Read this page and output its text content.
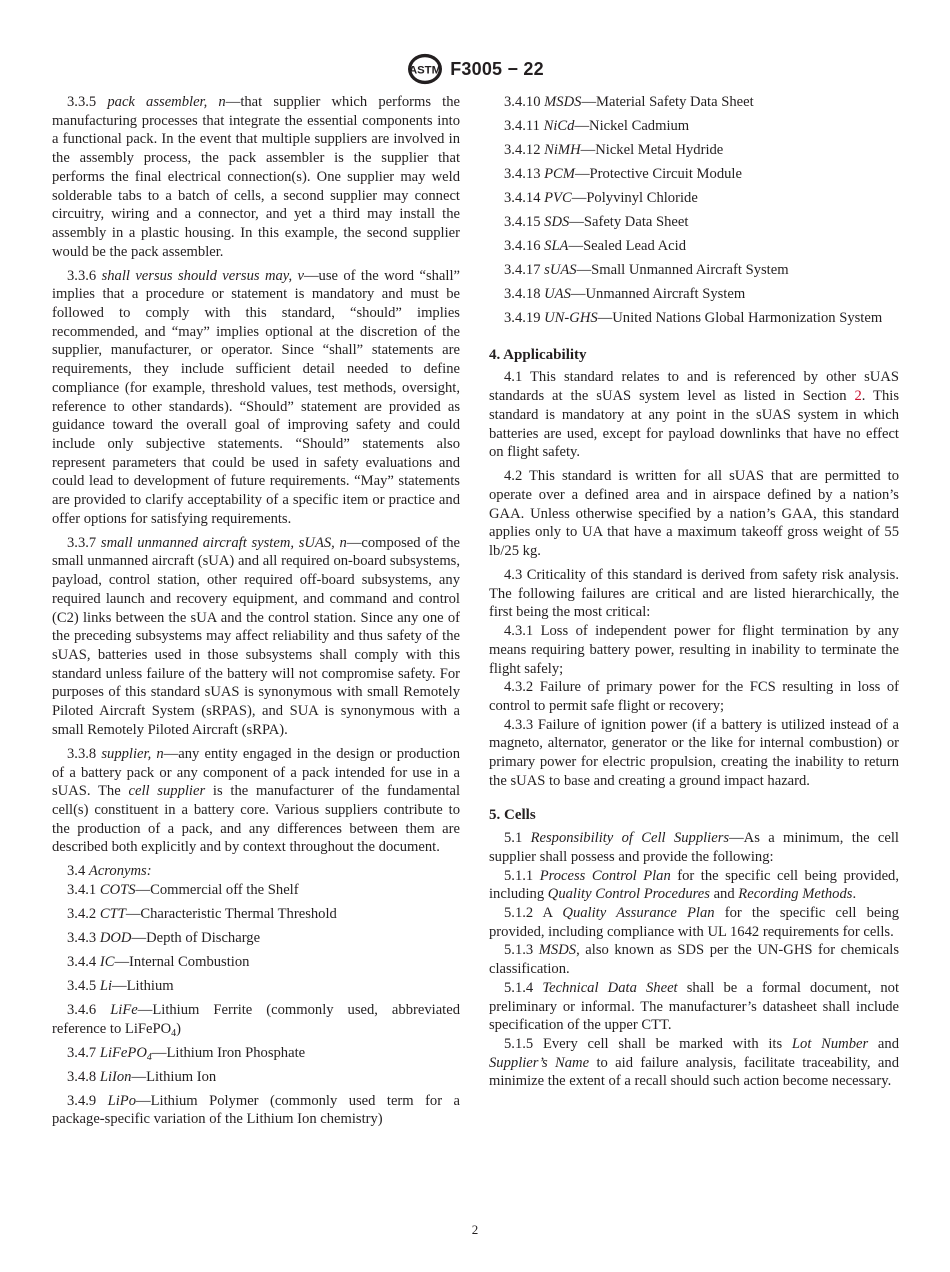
ASTM F3005 − 22

3.3.5 pack assembler, n—that supplier which performs the manufacturing processes that integrate the essential components into a functional pack. In the event that multiple suppliers are involved in the assembly process, the pack assembler is the supplier that performs the final electrical connection(s). One supplier may weld solderable tabs to a batch of cells, a second supplier may connect circuitry, wiring and a connector, and yet a third may install the assembly in a plastic housing. In this example, the second supplier would be the pack assembler.

3.3.6 shall versus should versus may, v—use of the word “shall” implies that a procedure or statement is mandatory and must be followed to comply with this standard, “should” implies recommended, and “may” implies optional at the discretion of the supplier, manufacturer, or operator. Since “shall” statements are requirements, they include sufficient detail needed to define compliance (for example, threshold values, test methods, oversight, reference to other standards). “Should” statement are provided as guidance toward the overall goal of improving safety and could include only subjective statements. “Should” statements also represent parameters that could be used in safety evaluations and could lead to development of future requirements. “May” statements are provided to clarify acceptability of a specific item or practice and offer options for satisfying requirements.

3.3.7 small unmanned aircraft system, sUAS, n—composed of the small unmanned aircraft (sUA) and all required on-board subsystems, payload, control station, other required off-board subsystems, any required launch and recovery equipment, and command and control (C2) links between the sUA and the control station. Since any one of the preceding subsystems may affect reliability and thus safety of the sUAS, batteries used in those subsystems shall comply with this standard unless failure of the battery will not compromise safety. For purposes of this standard sUAS is synonymous with small Remotely Piloted Aircraft System (sRPAS), and SUA is synonymous with a small Remotely Piloted Aircraft (sRPA).

3.3.8 supplier, n—any entity engaged in the design or production of a battery pack or any component of a pack intended for use in a sUAS. The cell supplier is the manufacturer of the fundamental cell(s) constituent in a battery core. Various suppliers contribute to the production of a pack, and any differences between them are described both explicitly and by context throughout the document.

3.4 Acronyms:

3.4.1 COTS—Commercial off the Shelf

3.4.2 CTT—Characteristic Thermal Threshold

3.4.3 DOD—Depth of Discharge

3.4.4 IC—Internal Combustion

3.4.5 Li—Lithium

3.4.6 LiFe—Lithium Ferrite (commonly used, abbreviated reference to LiFePO$_4$)

3.4.7 LiFePO$_4$—Lithium Iron Phosphate

3.4.8 LiIon—Lithium Ion

3.4.9 LiPo—Lithium Polymer (commonly used term for a package-specific variation of the Lithium Ion chemistry)

3.4.10 MSDS—Material Safety Data Sheet

3.4.11 NiCd—Nickel Cadmium

3.4.12 NiMH—Nickel Metal Hydride

3.4.13 PCM—Protective Circuit Module

3.4.14 PVC—Polyvinyl Chloride

3.4.15 SDS—Safety Data Sheet

3.4.16 SLA—Sealed Lead Acid

3.4.17 sUAS—Small Unmanned Aircraft System

3.4.18 UAS—Unmanned Aircraft System

3.4.19 UN-GHS—United Nations Global Harmonization System

4. Applicability

4.1 This standard relates to and is referenced by other sUAS standards at the sUAS system level as listed in Section 2. This standard is mandatory at any point in the sUAS system in which batteries are used, except for payload downlinks that have no effect on flight safety.

4.2 This standard is written for all sUAS that are permitted to operate over a defined area and in airspace defined by a nation’s GAA. Unless otherwise specified by a nation’s GAA, this standard applies only to UA that have a maximum takeoff gross weight of 55 lb/25 kg.

4.3 Criticality of this standard is derived from safety risk analysis. The following failures are critical and are listed hierarchically, the first being the most critical:

4.3.1 Loss of independent power for flight termination by any means requiring battery power, resulting in inability to terminate the flight safely;

4.3.2 Failure of primary power for the FCS resulting in loss of control to permit safe flight or recovery;

4.3.3 Failure of ignition power (if a battery is utilized instead of a magneto, alternator, generator or the like for internal combustion) or primary power for electric propulsion, creating the inability to return the sUAS to base and creating a ground impact hazard.

5. Cells

5.1 Responsibility of Cell Suppliers—As a minimum, the cell supplier shall possess and provide the following:

5.1.1 Process Control Plan for the specific cell being provided, including Quality Control Procedures and Recording Methods.

5.1.2 A Quality Assurance Plan for the specific cell being provided, including compliance with UL 1642 requirements for cells.

5.1.3 MSDS, also known as SDS per the UN-GHS for chemicals classification.

5.1.4 Technical Data Sheet shall be a formal document, not preliminary or informal. The manufacturer’s datasheet shall include specification of the upper CTT.

5.1.5 Every cell shall be marked with its Lot Number and Supplier’s Name to aid failure analysis, facilitate traceability, and minimize the extent of a recall should such action become necessary.

2
